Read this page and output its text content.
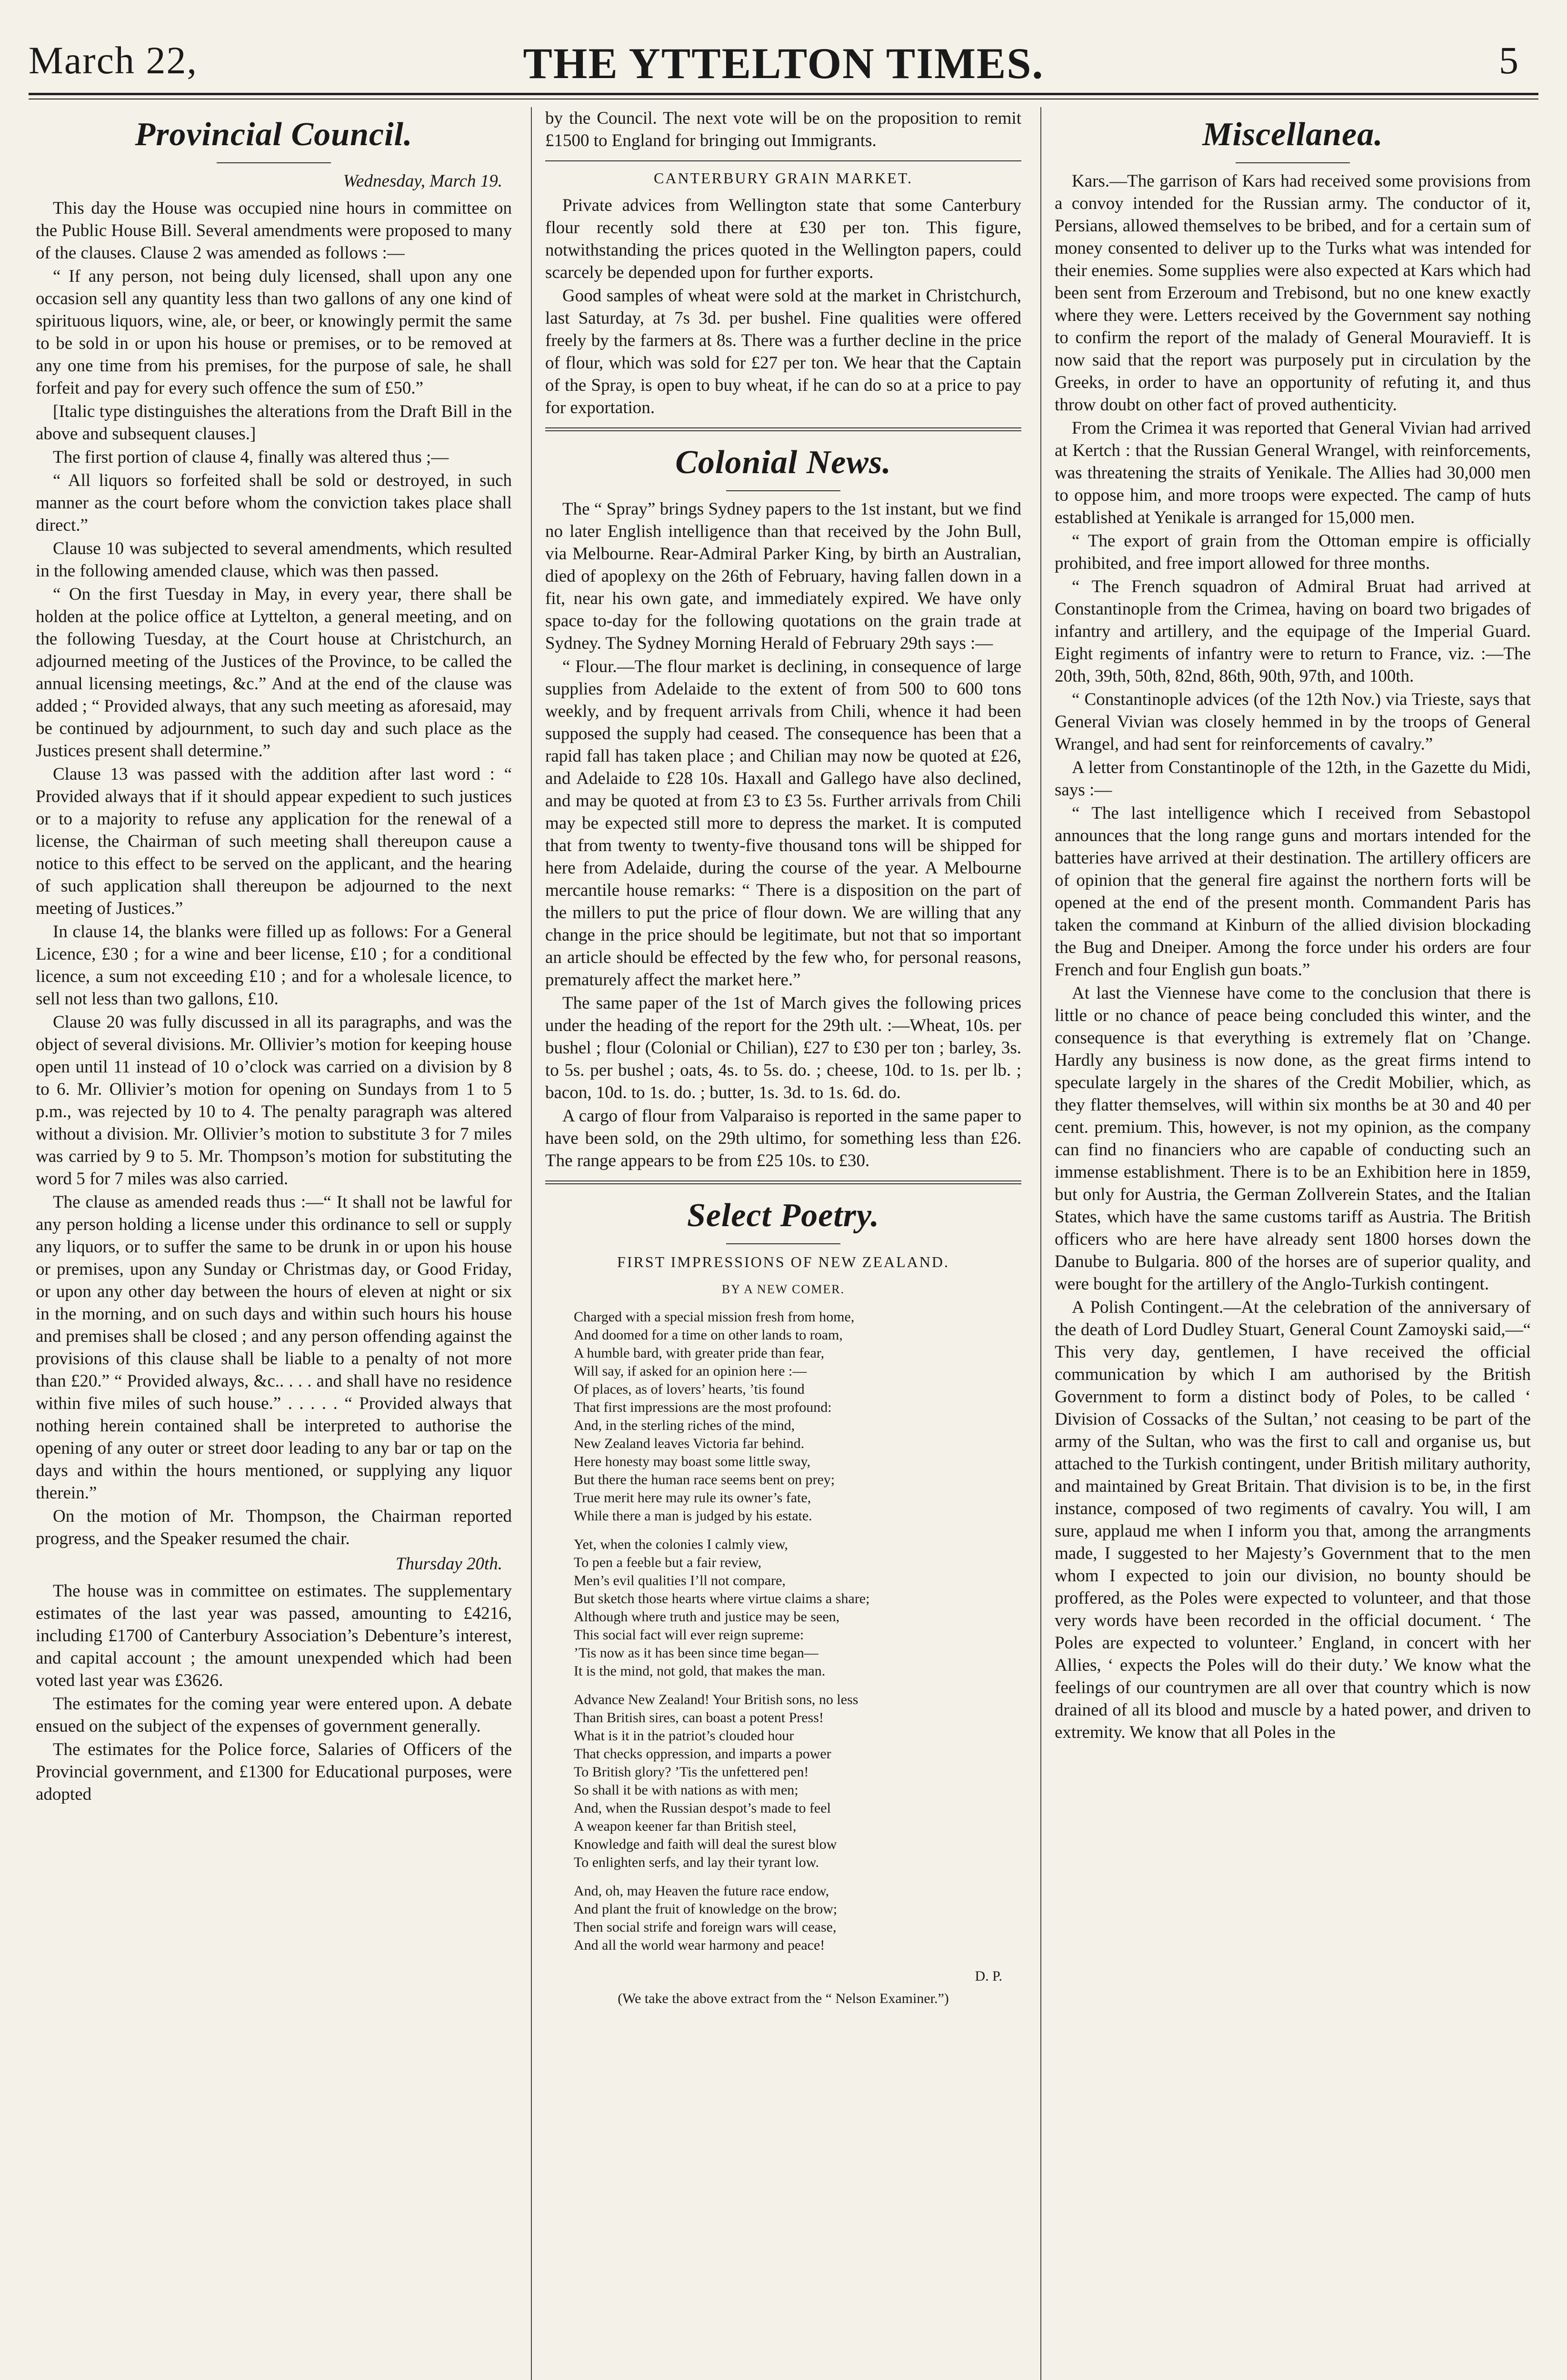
March 22,	THE YTTELTON TIMES.	5
Provincial Council.
Wednesday, March 19.

This day the House was occupied nine hours in committee on the Public House Bill. Several amendments were proposed to many of the clauses. Clause 2 was amended as follows :—

“ If any person, not being duly licensed, shall upon any one occasion sell any quantity less than two gallons of any one kind of spirituous liquors, wine, ale, or beer, or knowingly permit the same to be sold in or upon his house or premises, or to be removed at any one time from his premises, for the purpose of sale, he shall forfeit and pay for every such offence the sum of £50.”

[Italic type distinguishes the alterations from the Draft Bill in the above and subsequent clauses.]

The first portion of clause 4, finally was altered thus ;—

“ All liquors so forfeited shall be sold or destroyed, in such manner as the court before whom the conviction takes place shall direct.”

Clause 10 was subjected to several amendments, which resulted in the following amended clause, which was then passed.

“ On the first Tuesday in May, in every year, there shall be holden at the police office at Lyttelton, a general meeting, and on the following Tuesday, at the Court house at Christchurch, an adjourned meeting of the Justices of the Province, to be called the annual licensing meetings, &c.” And at the end of the clause was added ; “ Provided always, that any such meeting as aforesaid, may be continued by adjournment, to such day and such place as the Justices present shall determine.”

Clause 13 was passed with the addition after last word : “ Provided always that if it should appear expedient to such justices or to a majority to refuse any application for the renewal of a license, the Chairman of such meeting shall thereupon cause a notice to this effect to be served on the applicant, and the hearing of such application shall thereupon be adjourned to the next meeting of Justices.”

In clause 14, the blanks were filled up as follows: For a General Licence, £30 ; for a wine and beer license, £10 ; for a conditional licence, a sum not exceeding £10 ; and for a wholesale licence, to sell not less than two gallons, £10.

Clause 20 was fully discussed in all its paragraphs, and was the object of several divisions. Mr. Ollivier’s motion for keeping house open until 11 instead of 10 o’clock was carried on a division by 8 to 6. Mr. Ollivier’s motion for opening on Sundays from 1 to 5 p.m., was rejected by 10 to 4. The penalty paragraph was altered without a division. Mr. Ollivier’s motion to substitute 3 for 7 miles was carried by 9 to 5. Mr. Thompson’s motion for substituting the word 5 for 7 miles was also carried.

The clause as amended reads thus :—“ It shall not be lawful for any person holding a license under this ordinance to sell or supply any liquors, or to suffer the same to be drunk in or upon his house or premises, upon any Sunday or Christmas day, or Good Friday, or upon any other day between the hours of eleven at night or six in the morning, and on such days and within such hours his house and premises shall be closed ; and any person offending against the provisions of this clause shall be liable to a penalty of not more than £20.” “ Provided always, &c.. . . . and shall have no residence within five miles of such house.” . . . . . “ Provided always that nothing herein contained shall be interpreted to authorise the opening of any outer or street door leading to any bar or tap on the days and within the hours mentioned, or supplying any liquor therein.”

On the motion of Mr. Thompson, the Chairman reported progress, and the Speaker resumed the chair.

Thursday 20th.

The house was in committee on estimates. The supplementary estimates of the last year was passed, amounting to £4216, including £1700 of Canterbury Association’s Debenture’s interest, and capital account ; the amount unexpended which had been voted last year was £3626.

The estimates for the coming year were entered upon. A debate ensued on the subject of the expenses of government generally.

The estimates for the Police force, Salaries of Officers of the Provincial government, and £1300 for Educational purposes, were adopted

by the Council. The next vote will be on the proposition to remit £1500 to England for bringing out Immigrants.

CANTERBURY GRAIN MARKET.

Private advices from Wellington state that some Canterbury flour recently sold there at £30 per ton. This figure, notwithstanding the prices quoted in the Wellington papers, could scarcely be depended upon for further exports.

Good samples of wheat were sold at the market in Christchurch, last Saturday, at 7s 3d. per bushel. Fine qualities were offered freely by the farmers at 8s. There was a further decline in the price of flour, which was sold for £27 per ton. We hear that the Captain of the Spray, is open to buy wheat, if he can do so at a price to pay for exportation.

Colonial News.

The “ Spray” brings Sydney papers to the 1st instant, but we find no later English intelligence than that received by the John Bull, via Melbourne. Rear-Admiral Parker King, by birth an Australian, died of apoplexy on the 26th of February, having fallen down in a fit, near his own gate, and immediately expired. We have only space to-day for the following quotations on the grain trade at Sydney. The Sydney Morning Herald of February 29th says :—

“ Flour.—The flour market is declining, in consequence of large supplies from Adelaide to the extent of from 500 to 600 tons weekly, and by frequent arrivals from Chili, whence it had been supposed the supply had ceased. The consequence has been that a rapid fall has taken place ; and Chilian may now be quoted at £26, and Adelaide to £28 10s. Haxall and Gallego have also declined, and may be quoted at from £3 to £3 5s. Further arrivals from Chili may be expected still more to depress the market. It is computed that from twenty to twenty-five thousand tons will be shipped for here from Adelaide, during the course of the year. A Melbourne mercantile house remarks: “ There is a disposition on the part of the millers to put the price of flour down. We are willing that any change in the price should be legitimate, but not that so important an article should be effected by the few who, for personal reasons, prematurely affect the market here.”

The same paper of the 1st of March gives the following prices under the heading of the report for the 29th ult. :—Wheat, 10s. per bushel ; flour (Colonial or Chilian), £27 to £30 per ton ; barley, 3s. to 5s. per bushel ; oats, 4s. to 5s. do. ; cheese, 10d. to 1s. per lb. ; bacon, 10d. to 1s. do. ; butter, 1s. 3d. to 1s. 6d. do.

A cargo of flour from Valparaiso is reported in the same paper to have been sold, on the 29th ultimo, for something less than £26. The range appears to be from £25 10s. to £30.

Select Poetry.
FIRST IMPRESSIONS OF NEW ZEALAND.
BY A NEW COMER.
Charged with a special mission fresh from home,
And doomed for a time on other lands to roam,
A humble bard, with greater pride than fear,
Will say, if asked for an opinion here :—
Of places, as of lovers’ hearts, ’tis found
That first impressions are the most profound:
And, in the sterling riches of the mind,
New Zealand leaves Victoria far behind.
Here honesty may boast some little sway,
But there the human race seems bent on prey;
True merit here may rule its owner’s fate,
While there a man is judged by his estate.
Yet, when the colonies I calmly view,
To pen a feeble but a fair review,
Men’s evil qualities I’ll not compare,
But sketch those hearts where virtue claims a share;
Although where truth and justice may be seen,
This social fact will ever reign supreme:
’Tis now as it has been since time began—
It is the mind, not gold, that makes the man.
Advance New Zealand! Your British sons, no less
Than British sires, can boast a potent Press!
What is it in the patriot’s clouded hour
That checks oppression, and imparts a power
To British glory? ’Tis the unfettered pen!
So shall it be with nations as with men;
And, when the Russian despot’s made to feel
A weapon keener far than British steel,
Knowledge and faith will deal the surest blow
To enlighten serfs, and lay their tyrant low.
And, oh, may Heaven the future race endow,
And plant the fruit of knowledge on the brow;
Then social strife and foreign wars will cease,
And all the world wear harmony and peace!
D. P.
(We take the above extract from the “ Nelson Examiner.”)
Miscellanea.

Kars.—The garrison of Kars had received some provisions from a convoy intended for the Russian army. The conductor of it, Persians, allowed themselves to be bribed, and for a certain sum of money consented to deliver up to the Turks what was intended for their enemies. Some supplies were also expected at Kars which had been sent from Erzeroum and Trebisond, but no one knew exactly where they were. Letters received by the Government say nothing to confirm the report of the malady of General Mouravieff. It is now said that the report was purposely put in circulation by the Greeks, in order to have an opportunity of refuting it, and thus throw doubt on other fact of proved authenticity.

From the Crimea it was reported that General Vivian had arrived at Kertch : that the Russian General Wrangel, with reinforcements, was threatening the straits of Yenikale. The Allies had 30,000 men to oppose him, and more troops were expected. The camp of huts established at Yenikale is arranged for 15,000 men.

“ The export of grain from the Ottoman empire is officially prohibited, and free import allowed for three months.

“ The French squadron of Admiral Bruat had arrived at Constantinople from the Crimea, having on board two brigades of infantry and artillery, and the equipage of the Imperial Guard. Eight regiments of infantry were to return to France, viz. :—The 20th, 39th, 50th, 82nd, 86th, 90th, 97th, and 100th.

“ Constantinople advices (of the 12th Nov.) via Trieste, says that General Vivian was closely hemmed in by the troops of General Wrangel, and had sent for reinforcements of cavalry.”

A letter from Constantinople of the 12th, in the Gazette du Midi, says :—

“ The last intelligence which I received from Sebastopol announces that the long range guns and mortars intended for the batteries have arrived at their destination. The artillery officers are of opinion that the general fire against the northern forts will be opened at the end of the present month. Commandent Paris has taken the command at Kinburn of the allied division blockading the Bug and Dneiper. Among the force under his orders are four French and four English gun boats.”

At last the Viennese have come to the conclusion that there is little or no chance of peace being concluded this winter, and the consequence is that everything is extremely flat on ’Change. Hardly any business is now done, as the great firms intend to speculate largely in the shares of the Credit Mobilier, which, as they flatter themselves, will within six months be at 30 and 40 per cent. premium. This, however, is not my opinion, as the company can find no financiers who are capable of conducting such an immense establishment. There is to be an Exhibition here in 1859, but only for Austria, the German Zollverein States, and the Italian States, which have the same customs tariff as Austria. The British officers who are here have already sent 1800 horses down the Danube to Bulgaria. 800 of the horses are of superior quality, and were bought for the artillery of the Anglo-Turkish contingent.

A Polish Contingent.—At the celebration of the anniversary of the death of Lord Dudley Stuart, General Count Zamoyski said,—“ This very day, gentlemen, I have received the official communication by which I am authorised by the British Government to form a distinct body of Poles, to be called ‘ Division of Cossacks of the Sultan,’ not ceasing to be part of the army of the Sultan, who was the first to call and organise us, but attached to the Turkish contingent, under British military authority, and maintained by Great Britain. That division is to be, in the first instance, composed of two regiments of cavalry. You will, I am sure, applaud me when I inform you that, among the arrangments made, I suggested to her Majesty’s Government that to the men whom I expected to join our division, no bounty should be proffered, as the Poles were expected to volunteer, and that those very words have been recorded in the official document. ‘ The Poles are expected to volunteer.’ England, in concert with her Allies, ‘ expects the Poles will do their duty.’ We know what the feelings of our countrymen are all over that country which is now drained of all its blood and muscle by a hated power, and driven to extremity. We know that all Poles in the
